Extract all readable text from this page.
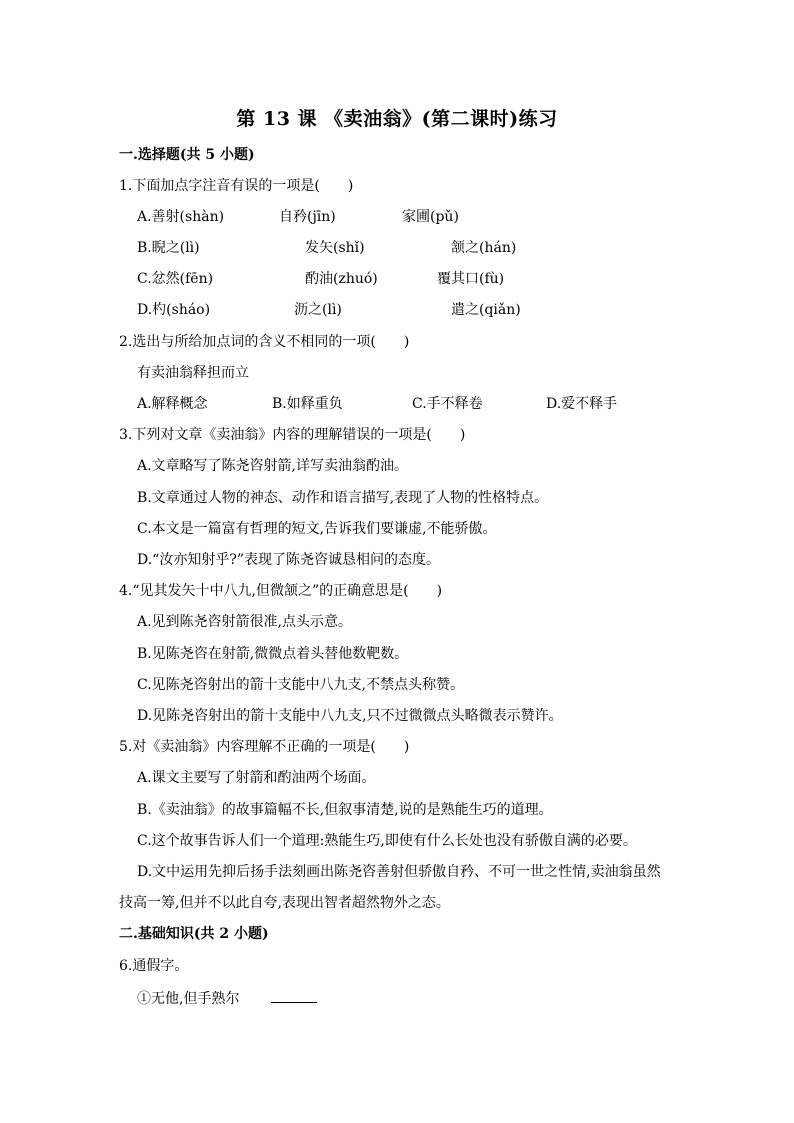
第 13 课 《卖油翁》(第二课时)练习
一.选择题(共 5 小题)
1.下面加点字注音有误的一项是(　　)
A.善射(shàn)	自矜(jīn)	家圃(pǔ)
B.睨之(lì)	发矢(shǐ)	颔之(hán)
C.忿然(fēn)	酌油(zhuó)	覆其口(fù)
D.杓(sháo)	沥之(lì)	遣之(qiǎn)
2.选出与所给加点词的含义不相同的一项(　　)
有卖油翁释担而立
A.解释概念	B.如释重负	C.手不释卷	D.爱不释手
3.下列对文章《卖油翁》内容的理解错误的一项是(　　)
A.文章略写了陈尧咨射箭,详写卖油翁酌油。
B.文章通过人物的神态、动作和语言描写,表现了人物的性格特点。
C.本文是一篇富有哲理的短文,告诉我们要谦虚,不能骄傲。
D.“汝亦知射乎?”表现了陈尧咨诚恳相问的态度。
4.“见其发矢十中八九,但微颔之”的正确意思是(　　)
A.见到陈尧咨射箭很准,点头示意。
B.见陈尧咨在射箭,微微点着头替他数靶数。
C.见陈尧咨射出的箭十支能中八九支,不禁点头称赞。
D.见陈尧咨射出的箭十支能中八九支,只不过微微点头略微表示赞许。
5.对《卖油翁》内容理解不正确的一项是(　　)
A.课文主要写了射箭和酌油两个场面。
B.《卖油翁》的故事篇幅不长,但叙事清楚,说的是熟能生巧的道理。
C.这个故事告诉人们一个道理:熟能生巧,即使有什么长处也没有骄傲自满的必要。
D.文中运用先抑后扬手法刻画出陈尧咨善射但骄傲自矜、不可一世之性情,卖油翁虽然
技高一筹,但并不以此自夸,表现出智者超然物外之态。
二.基础知识(共 2 小题)
6.通假字。
①无他,但手熟尔
